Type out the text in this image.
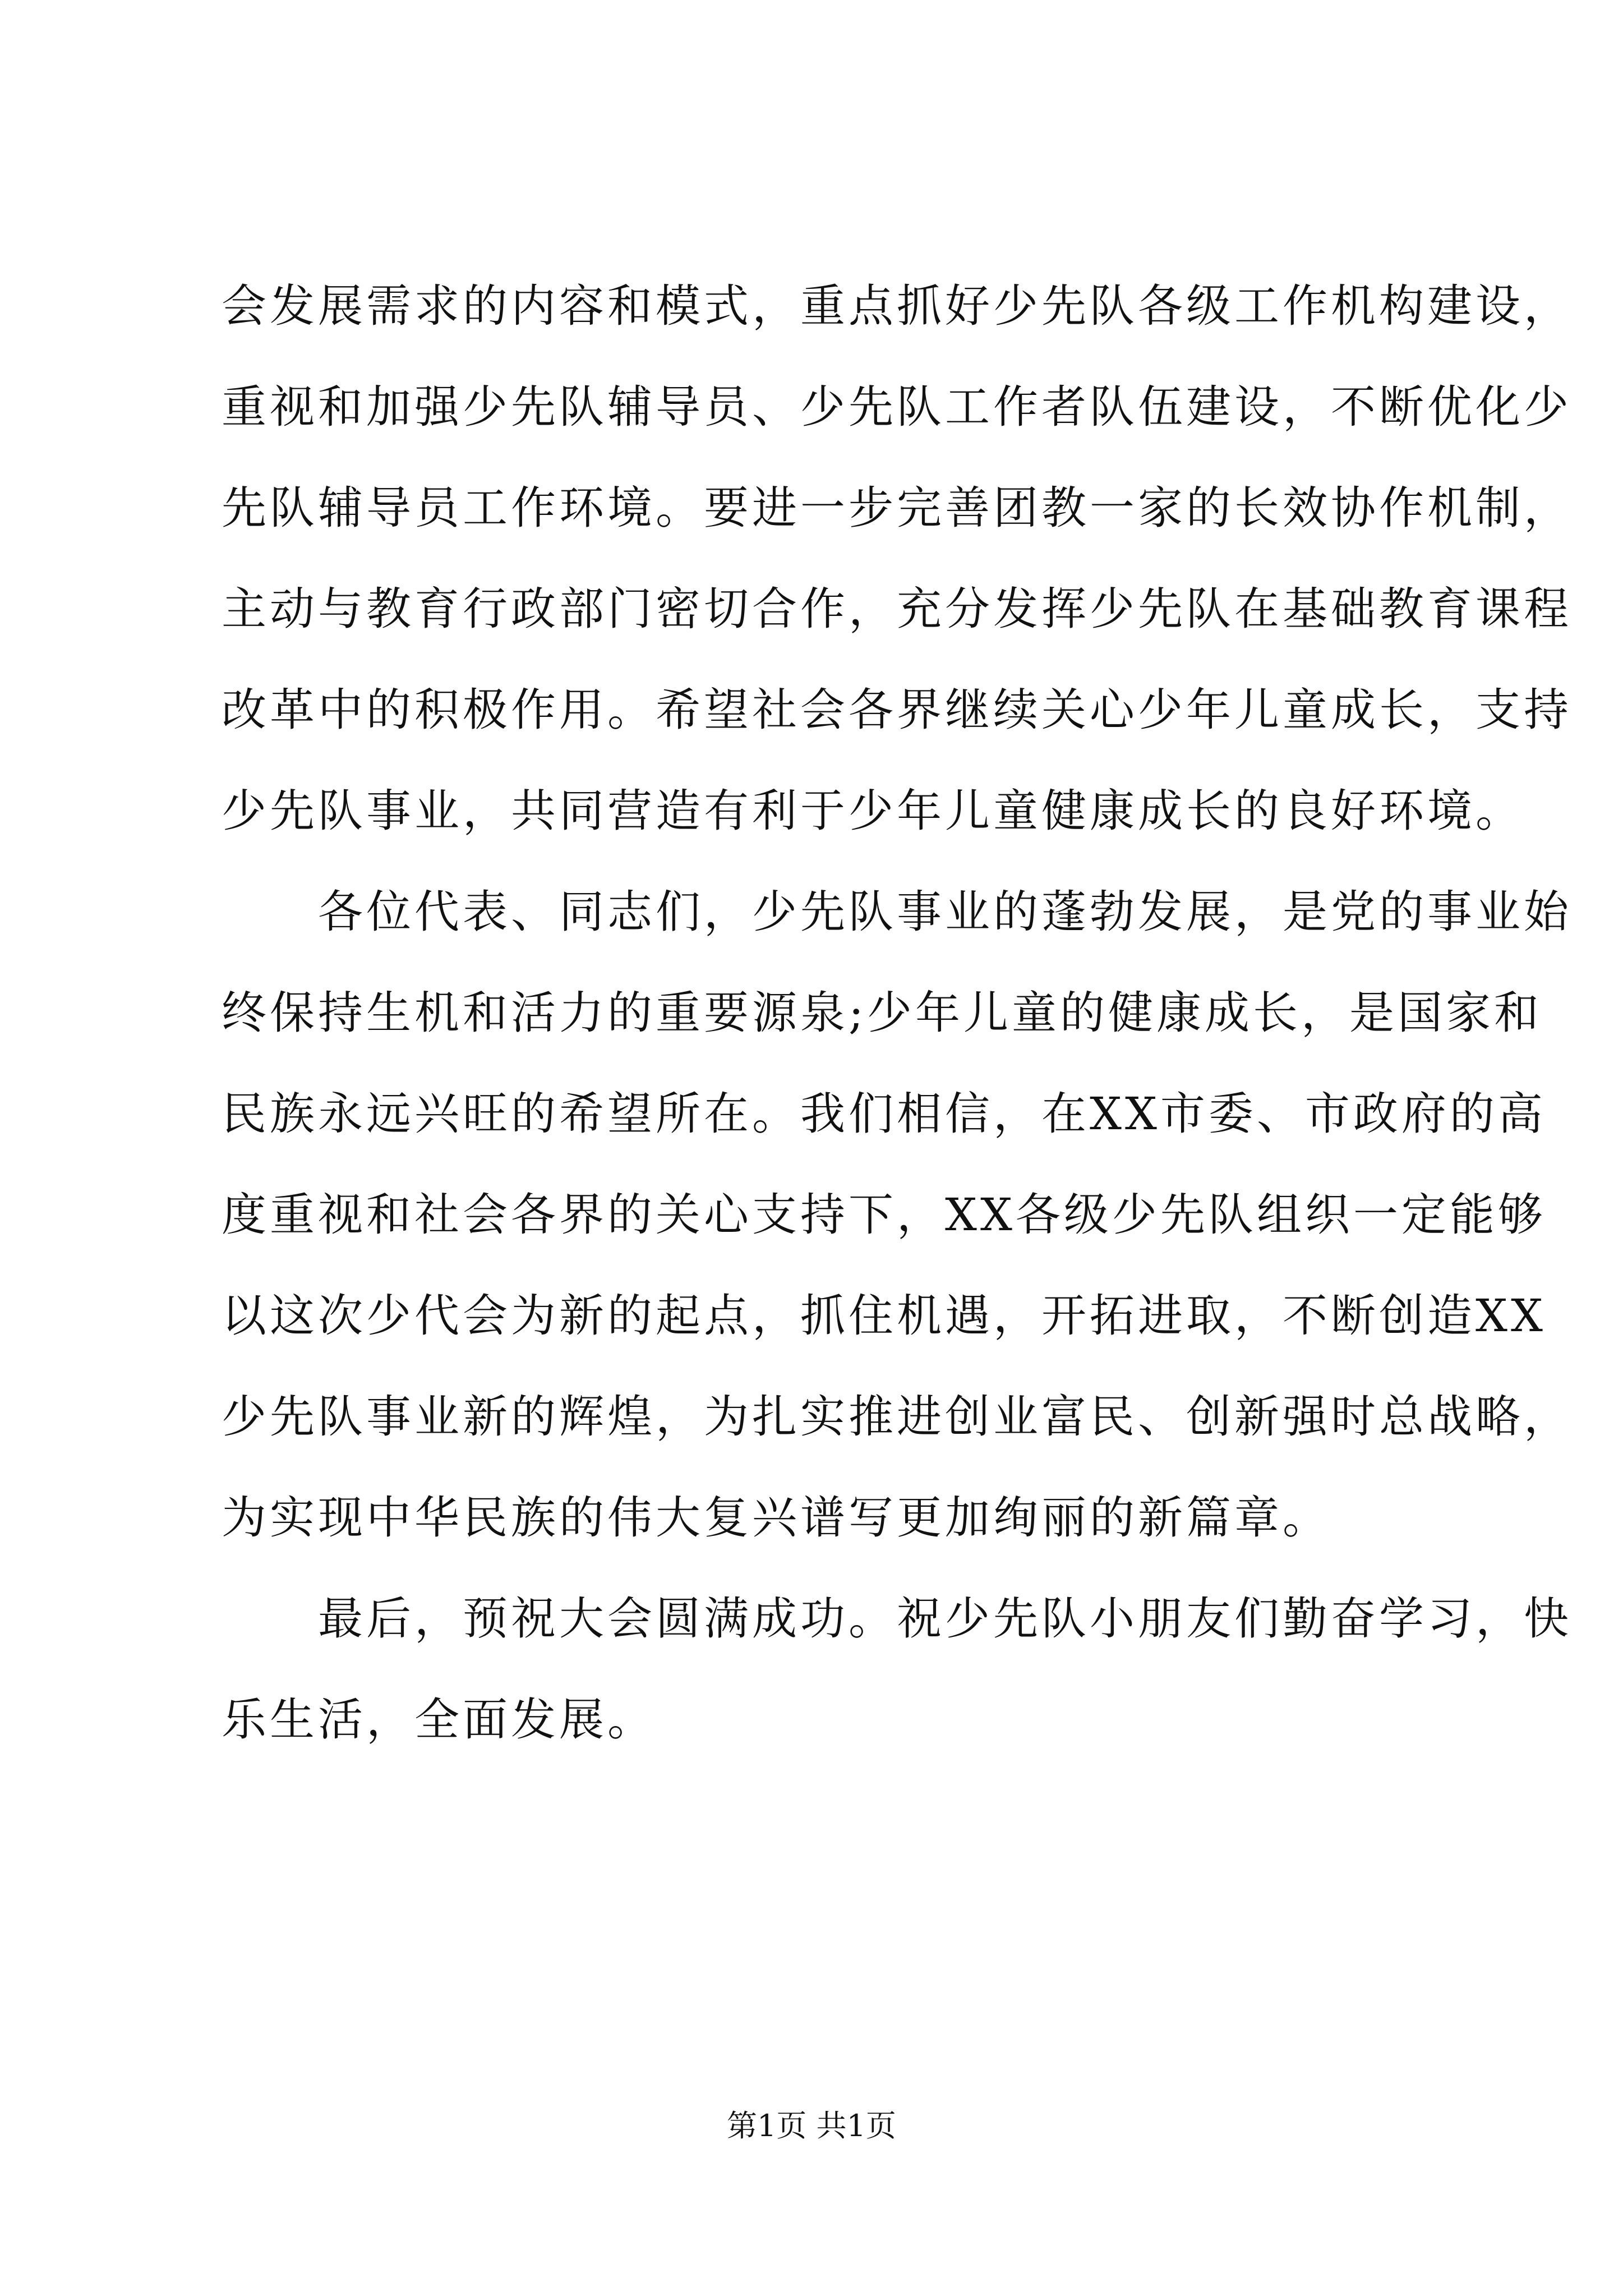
会发展需求的内容和模式，重点抓好少先队各级工作机构建设，
重视和加强少先队辅导员、少先队工作者队伍建设，不断优化少
先队辅导员工作环境。要进一步完善团教一家的长效协作机制，
主动与教育行政部门密切合作，充分发挥少先队在基础教育课程
改革中的积极作用。希望社会各界继续关心少年儿童成长，支持
少先队事业，共同营造有利于少年儿童健康成长的良好环境。
　　各位代表、同志们，少先队事业的蓬勃发展，是党的事业始
终保持生机和活力的重要源泉;少年儿童的健康成长，是国家和
民族永远兴旺的希望所在。我们相信，在XX市委、市政府的高
度重视和社会各界的关心支持下，XX各级少先队组织一定能够
以这次少代会为新的起点，抓住机遇，开拓进取，不断创造XX
少先队事业新的辉煌，为扎实推进创业富民、创新强时总战略，
为实现中华民族的伟大复兴谱写更加绚丽的新篇章。
　　最后，预祝大会圆满成功。祝少先队小朋友们勤奋学习，快
乐生活，全面发展。
第1页 共1页
